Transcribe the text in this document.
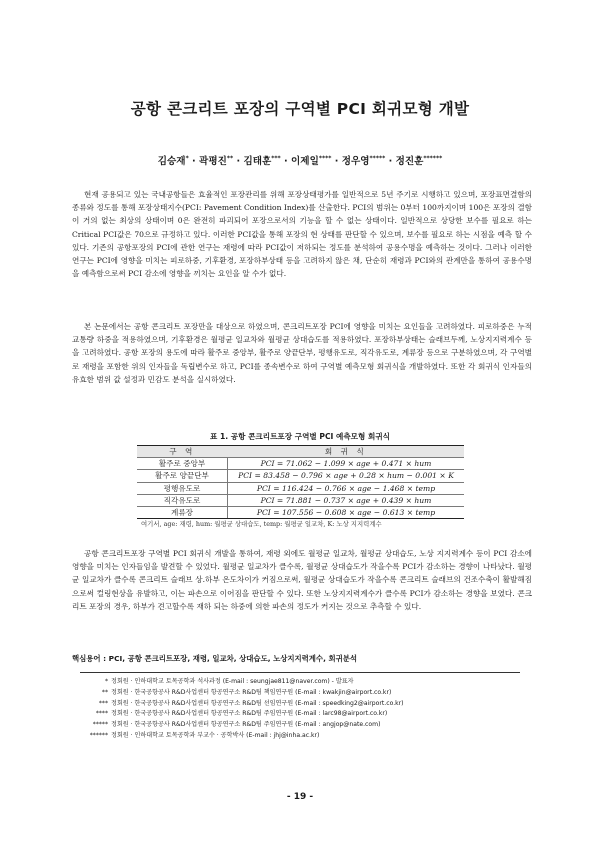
공항 콘크리트 포장의 구역별 PCI 회귀모형 개발
김승재* · 곽평진** · 김태훈*** · 이제일**** · 정우영***** · 정진훈******

현재 공용되고 있는 국내공항들은 효율적인 포장관리를 위해 포장상태평가를 일반적으로 5년 주기로 시행하고 있으며, 포장표면결함의 종류와 정도를 통해 포장상태지수(PCI: Pavement Condition Index)를 산출한다. PCI의 범위는 0부터 100까지이며 100은 포장의 결함이 거의 없는 최상의 상태이며 0은 완전히 파괴되어 포장으로서의 기능을 할 수 없는 상태이다. 일반적으로 상당한 보수를 필요로 하는 Critical PCI값은 70으로 규정하고 있다. 이러한 PCI값을 통해 포장의 현 상태를 판단할 수 있으며, 보수를 필요로 하는 시점을 예측 할 수 있다. 기존의 공항포장의 PCI에 관한 연구는 재령에 따라 PCI값이 저하되는 정도를 분석하여 공용수명을 예측하는 것이다. 그러나 이러한 연구는 PCI에 영향을 미치는 피로하중, 기후환경, 포장하부상태 등을 고려하지 않은 채, 단순히 재령과 PCI와의 관계만을 통하여 공용수명을 예측함으로써 PCI 감소에 영향을 끼치는 요인을 알 수가 없다.

본 논문에서는 공항 콘크리트 포장만을 대상으로 하였으며, 콘크리트포장 PCI에 영향을 미치는 요인들을 고려하였다. 피로하중은 누적교통량 하중을 적용하였으며, 기후환경은 월평균 일교차와 월평균 상대습도를 적용하였다. 포장하부상태는 슬래브두께, 노상지지력계수 등을 고려하였다. 공항 포장의 용도에 따라 활주로 중앙부, 활주로 양끝단부, 평행유도로, 직각유도로, 계류장 등으로 구분하였으며, 각 구역별로 재령을 포함한 위의 인자들을 독립변수로 하고, PCI를 종속변수로 하여 구역별 예측모형 회귀식을 개발하였다. 또한 각 회귀식 인자들의 유효한 범위 값 설정과 민감도 분석을 실시하였다.

표 1. 공항 콘크리트포장 구역별 PCI 예측모형 회귀식
구 역	회 귀 식
활주로 중앙부	PCI = 71.062 − 1.099 × age + 0.471 × hum
활주로 양끝단부	PCI = 83.458 − 0.796 × age + 0.28 × hum − 0.001 × K
평행유도로	PCI = 116.424 − 0.766 × age − 1.468 × temp
직각유도로	PCI = 71.881 − 0.737 × age + 0.439 × hum
계류장	PCI = 107.556 − 0.608 × age − 0.613 × temp
여기서, age: 재령, hum: 월평균 상대습도, temp: 월평균 일교차, K: 노상 지지력계수

공항 콘크리트포장 구역별 PCI 회귀식 개발을 통하여, 재령 외에도 월평균 일교차, 월평균 상대습도, 노상 지지력계수 등이 PCI 감소에 영향을 미치는 인자들임을 발견할 수 있었다. 월평균 일교차가 클수록, 월평균 상대습도가 작을수록 PCI가 감소하는 경향이 나타났다. 월평균 일교차가 클수록 콘크리트 슬래브 상.하부 온도차이가 커짐으로써, 월평균 상대습도가 작을수록 콘크리트 슬래브의 건조수축이 활발해짐으로써 컬링현상을 유발하고, 이는 파손으로 이어짐을 판단할 수 있다. 또한 노상지지력계수가 클수록 PCI가 감소하는 경향을 보였다. 콘크리트 포장의 경우, 하부가 견고할수록 재하 되는 하중에 의한 파손의 정도가 커지는 것으로 추측할 수 있다.

핵심용어 : PCI, 공항 콘크리트포장, 재령, 일교차, 상대습도, 노상지지력계수, 회귀분석
* 정회원 · 인하대학교 토목공학과 석사과정 (E-mail : seungjae811@naver.com) - 발표자
** 정회원 · 한국공항공사 R&D사업센터 항공연구소 R&D팀 책임연구원 (E-mail : kwakjin@airport.co.kr)
*** 정회원 · 한국공항공사 R&D사업센터 항공연구소 R&D팀 선임연구원 (E-mail : speedking2@airport.co.kr)
**** 정회원 · 한국공항공사 R&D사업센터 항공연구소 R&D팀 주임연구원 (E-mail : larc98@airport.co.kr)
***** 정회원 · 한국공항공사 R&D사업센터 항공연구소 R&D팀 주임연구원 (E-mail : angjop@nate.com)
****** 정회원 · 인하대학교 토목공학과 부교수 · 공학박사 (E-mail : jhj@inha.ac.kr)
- 19 -
